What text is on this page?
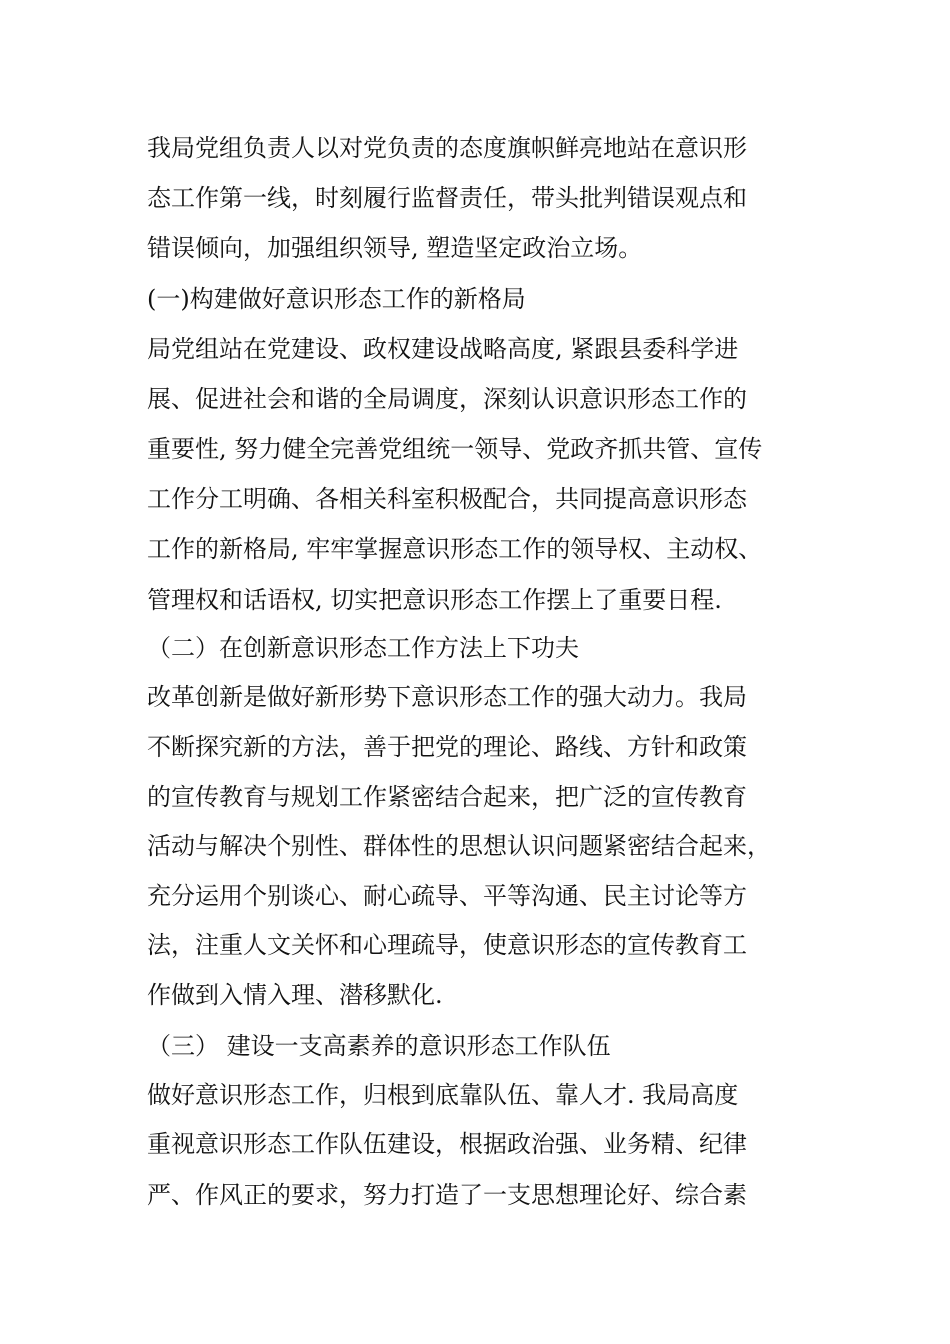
我局党组负责人以对党负责的态度旗帜鲜亮地站在意识形
态工作第一线，时刻履行监督责任，带头批判错误观点和
错误倾向，加强组织领导, 塑造坚定政治立场。
(一)构建做好意识形态工作的新格局
局党组站在党建设、政权建设战略高度, 紧跟县委科学进
展、促进社会和谐的全局调度，深刻认识意识形态工作的
重要性, 努力健全完善党组统一领导、党政齐抓共管、宣传
工作分工明确、各相关科室积极配合，共同提高意识形态
工作的新格局, 牢牢掌握意识形态工作的领导权、主动权、
管理权和话语权, 切实把意识形态工作摆上了重要日程.
（二）在创新意识形态工作方法上下功夫
改革创新是做好新形势下意识形态工作的强大动力。我局
不断探究新的方法，善于把党的理论、路线、方针和政策
的宣传教育与规划工作紧密结合起来，把广泛的宣传教育
活动与解决个别性、群体性的思想认识问题紧密结合起来，
充分运用个别谈心、耐心疏导、平等沟通、民主讨论等方
法，注重人文关怀和心理疏导，使意识形态的宣传教育工
作做到入情入理、潜移默化.
（三） 建设一支高素养的意识形态工作队伍
做好意识形态工作，归根到底靠队伍、靠人才. 我局高度
重视意识形态工作队伍建设，根据政治强、业务精、纪律
严、作风正的要求，努力打造了一支思想理论好、综合素
